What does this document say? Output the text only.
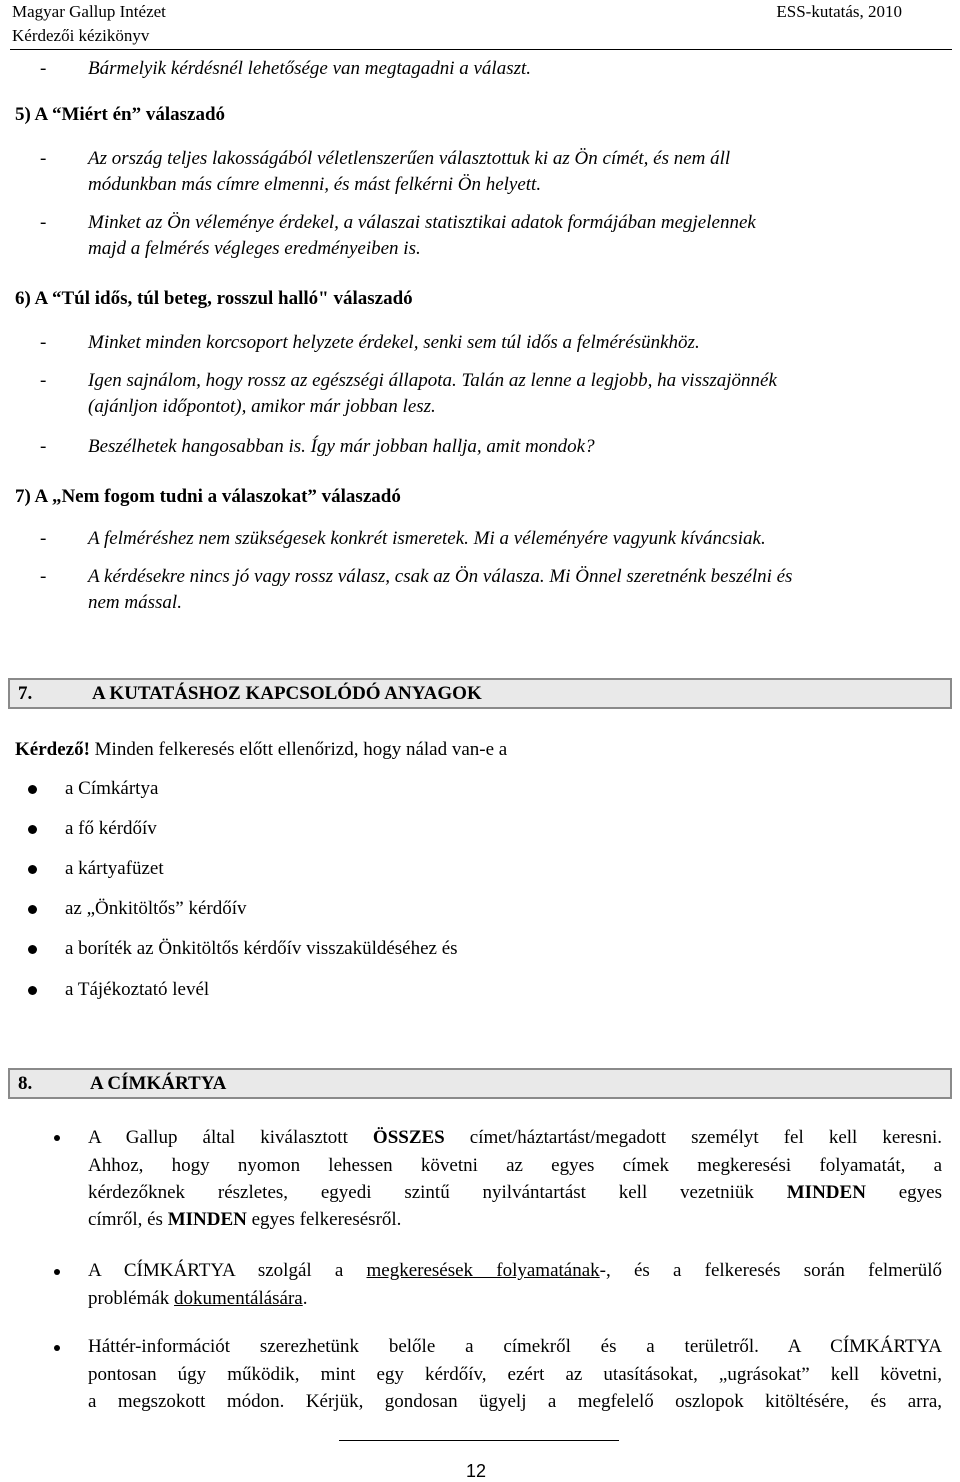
Magyar Gallup Intézet
Kérdezői kézikönyv
ESS-kutatás, 2010
- Bármelyik kérdésnél lehetősége van megtagadni a választ.
5) A “Miért én” válaszadó
- Az ország teljes lakosságából véletlenszerűen választottuk ki az Ön címét, és nem áll
módunkban más címre elmenni, és mást felkérni Ön helyett.
- Minket az Ön véleménye érdekel, a válaszai statisztikai adatok formájában megjelennek
majd a felmérés végleges eredményeiben is.
6) A “Túl idős, túl beteg, rosszul halló" válaszadó
- Minket minden korcsoport helyzete érdekel, senki sem túl idős a felmérésünkhöz.
- Igen sajnálom, hogy rossz az egészségi állapota. Talán az lenne a legjobb, ha visszajönnék
(ajánljon időpontot), amikor már jobban lesz.
- Beszélhetek hangosabban is. Így már jobban hallja, amit mondok?
7) A „Nem fogom tudni a válaszokat” válaszadó
- A felméréshez nem szükségesek konkrét ismeretek. Mi a véleményére vagyunk kíváncsiak.
- A kérdésekre nincs jó vagy rossz válasz, csak az Ön válasza. Mi Önnel szeretnénk beszélni és
nem mással.
7.	A KUTATÁSHOZ KAPCSOLÓDÓ ANYAGOK
Kérdező! Minden felkeresés előtt ellenőrizd, hogy nálad van-e a
a Címkártya
a fő kérdőív
a kártyafüzet
az „Önkitöltős” kérdőív
a boríték az Önkitöltős kérdőív visszaküldéséhez és
a Tájékoztató levél
8.	A CÍMKÁRTYA
A Gallup által kiválasztott ÖSSZES címet/háztartást/megadott személyt fel kell keresni.
Ahhoz, hogy nyomon lehessen követni az egyes címek megkeresési folyamatát, a
kérdezőknek részletes, egyedi szintű nyilvántartást kell vezetniük MINDEN egyes
címről, és MINDEN egyes felkeresésről.
A CÍMKÁRTYA szolgál a megkeresések folyamatának-, és a felkeresés során felmerülő
problémák dokumentálására.
Háttér-információt szerezhetünk belőle a címekről és a területről. A CÍMKÁRTYA
pontosan úgy működik, mint egy kérdőív, ezért az utasításokat, „ugrásokat” kell követni,
a megszokott módon. Kérjük, gondosan ügyelj a megfelelő oszlopok kitöltésére, és arra,
12
